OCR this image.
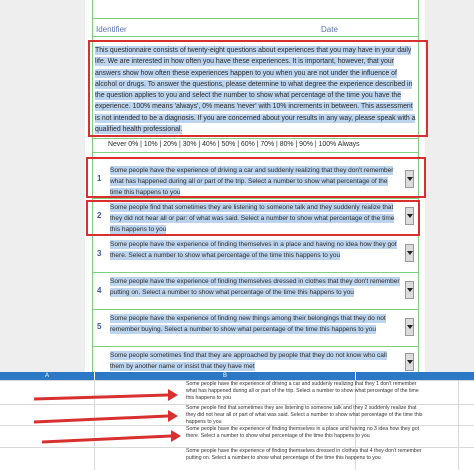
Identifier	Date
This questionnaire consists of twenty-eight questions about experiences that you may have in your daily life. We are interested in how often you have these experiences. It is important, however, that your answers show how often these experiences happen to you when you are not under the influence of alcohol or drugs. To answer the questions, please determine to what degree the experience described in the question applies to you and select the number to show what percentage of the time you have the experience. 100% means 'always', 0% means 'never' with 10% increments in between. This assessment is not intended to be a diagnosis. If you are concerned about your results in any way, please speak with a qualified health professional.
Never 0% | 10% | 20% | 30% | 40% | 50% | 60% | 70% | 80% | 90% | 100% Always
1
Some people have the experience of driving a car and suddenly realizing that they don't remember what has happened during all or part of the trip. Select a number to show what percentage of the time this happens to you
2
Some people find that sometimes they are listening to someone talk and they suddenly realize that they did not hear all or par: of what was said. Select a number to show what percentage of the time this happens to you
3
Some people have the experience of finding themselves in a place and having no idea how they got there. Select a number to show what percentage of the time this happens to you
4
Some people have the experience of finding themselves dressed in clothes that they don't remember putting on. Select a number to show what percentage of the time this happens to you
5
Some people have the experience of finding new things among their belongings that they do not remember buying. Select a number to show what percentage of the time this happens to you
Some people sometimes find that they are approached by people that they do not know who call them by another name or insist that they have met
A	B
Some people have the experience of driving a car and suddenly realizing that they 1 don't remember what has happened during all or part of the trip. Select a number to show what percentage of the time this happens to you
Some people find that sometimes they are listening to someone talk and they 2 suddenly realize that they did not hear all or part of what was said. Select a number to show what percentage of the time this happens to you
Some people have the experience of finding themselves in a place and having no 3 idea how they got there. Select a number to show what percentage of the time this happens to you
Some people have the experience of finding themselves dressed in clothes that 4 they don't remember putting on. Select a number to show what percentage of the time this happens to you
